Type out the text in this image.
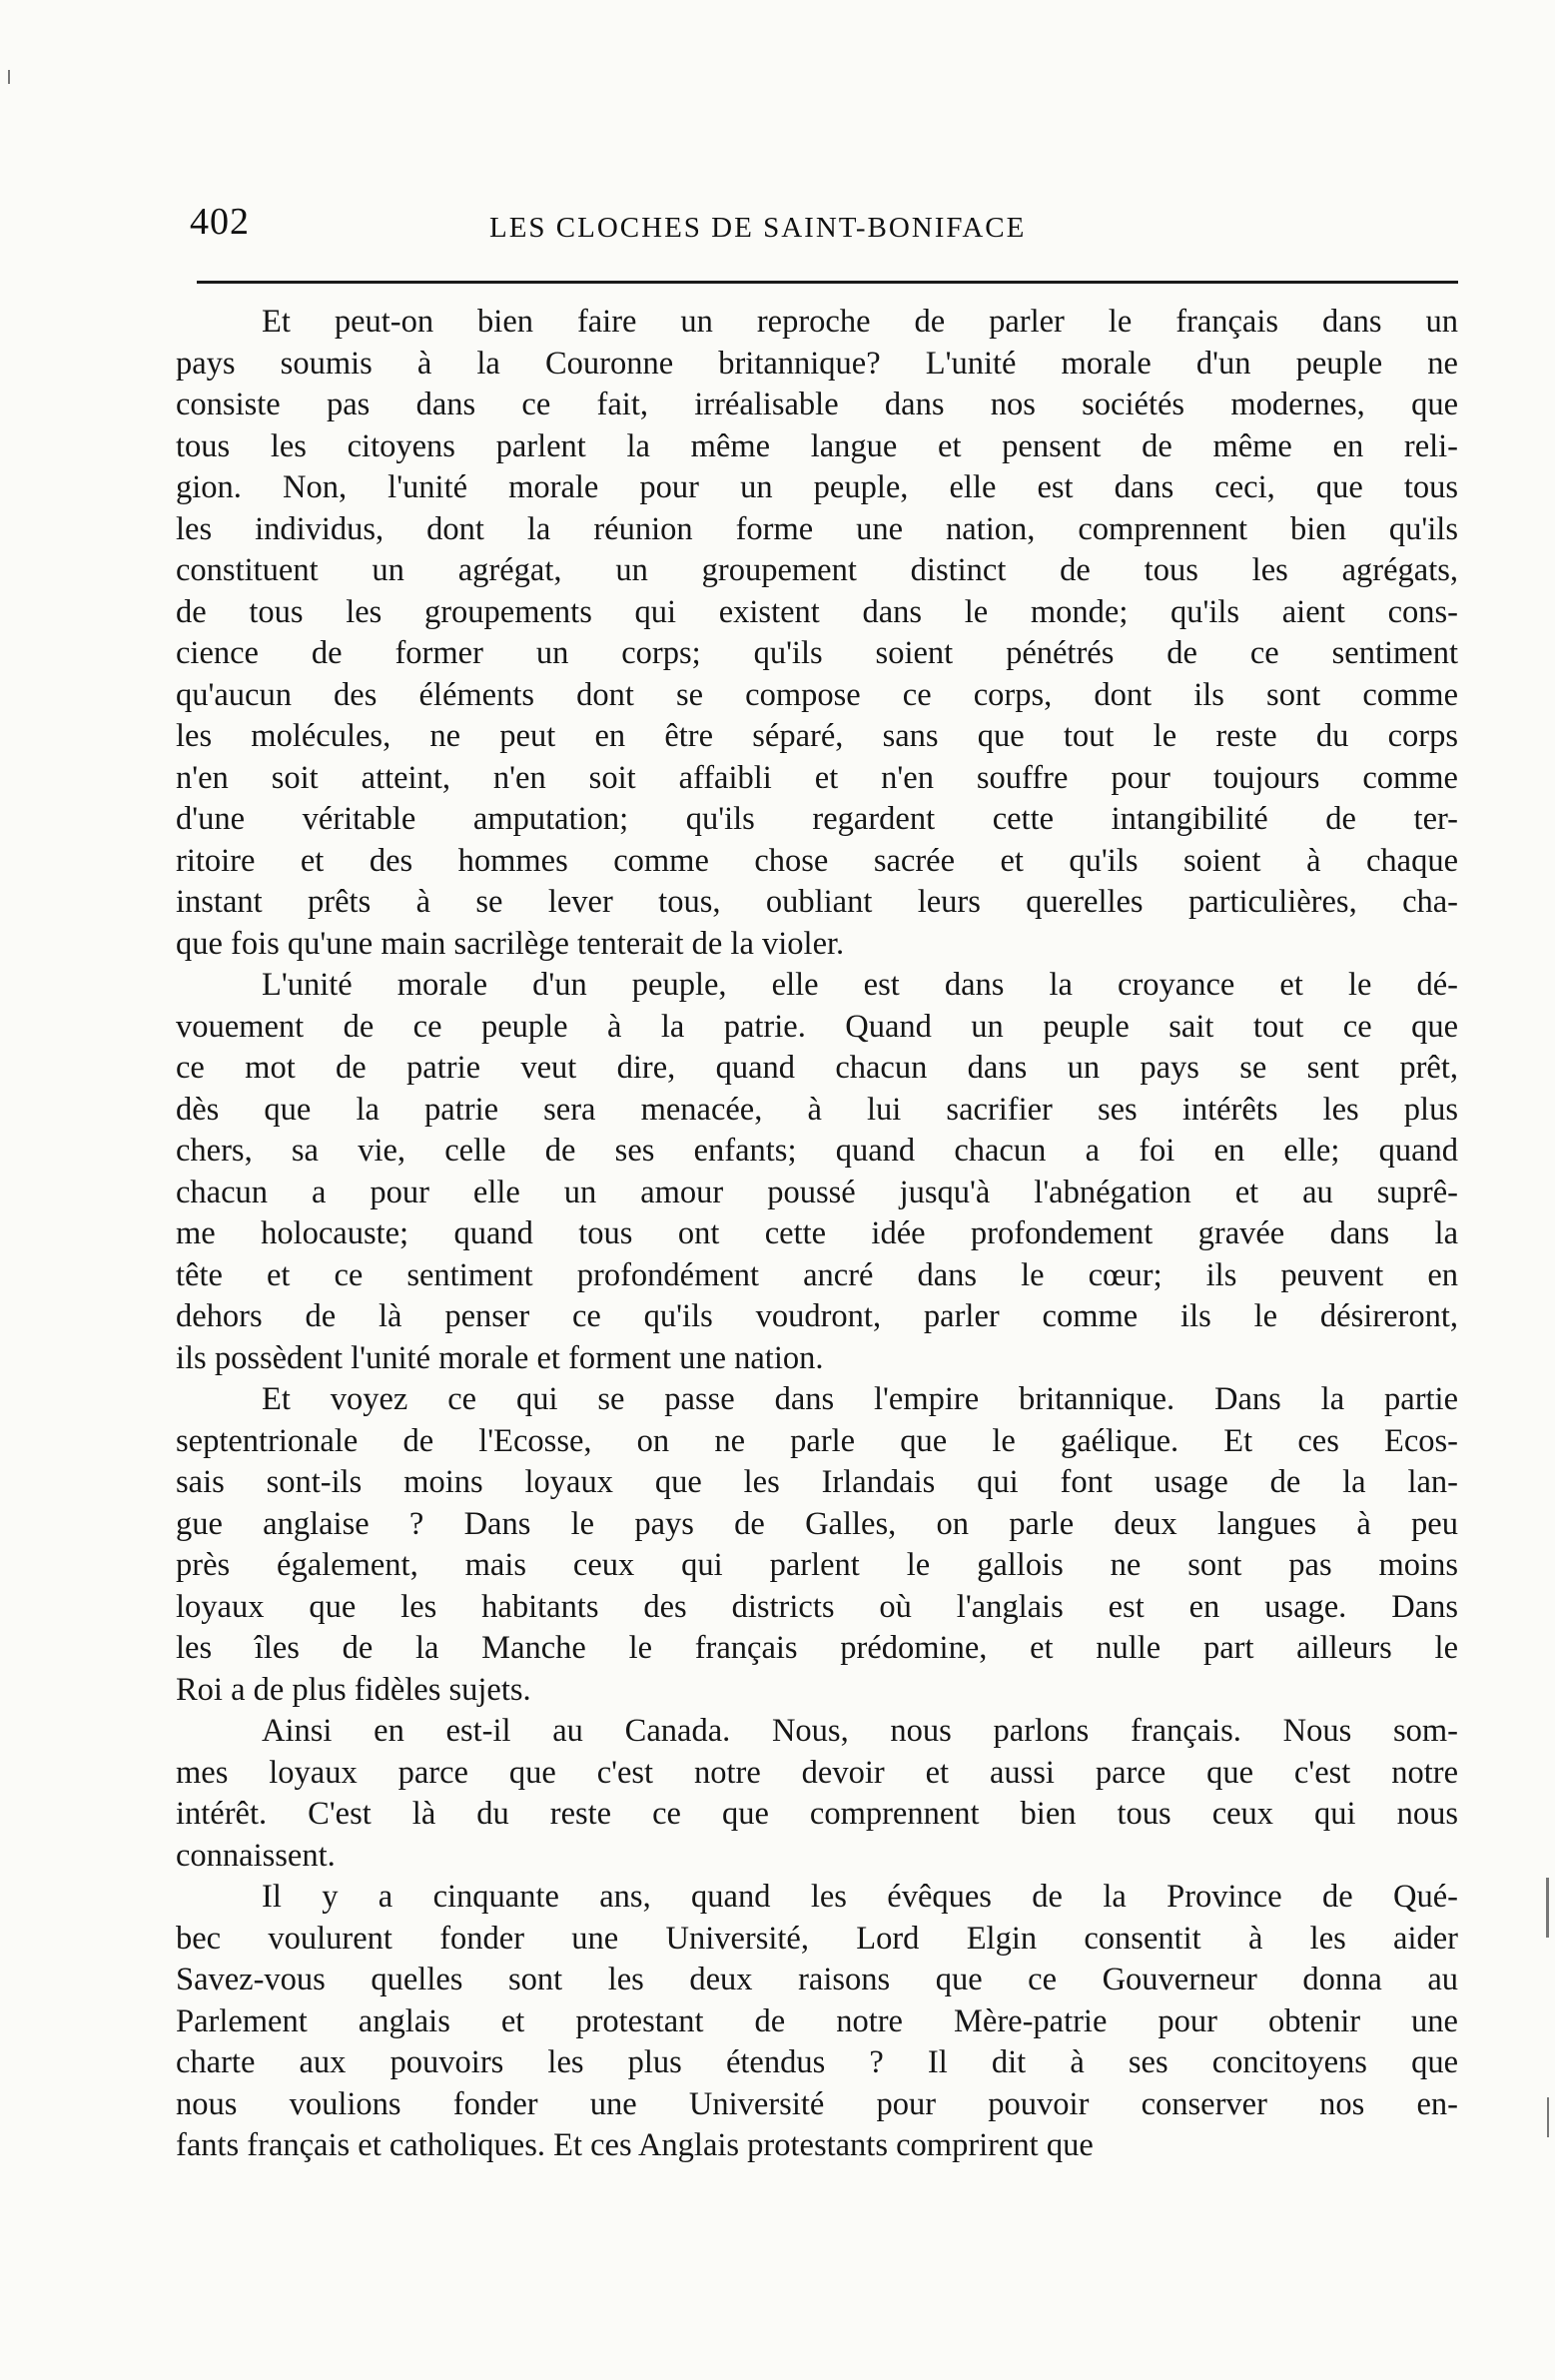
402	LES CLOCHES DE SAINT-BONIFACE
Et peut-on bien faire un reproche de parler le français dans un
pays soumis à la Couronne britannique? L'unité morale d'un peuple ne
consiste pas dans ce fait, irréalisable dans nos sociétés modernes, que
tous les citoyens parlent la même langue et pensent de même en reli-
gion. Non, l'unité morale pour un peuple, elle est dans ceci, que tous
les individus, dont la réunion forme une nation, comprennent bien qu'ils
constituent un agrégat, un groupement distinct de tous les agrégats,
de tous les groupements qui existent dans le monde; qu'ils aient cons-
cience de former un corps; qu'ils soient pénétrés de ce sentiment
qu'aucun des éléments dont se compose ce corps, dont ils sont comme
les molécules, ne peut en être séparé, sans que tout le reste du corps
n'en soit atteint, n'en soit affaibli et n'en souffre pour toujours comme
d'une véritable amputation; qu'ils regardent cette intangibilité de ter-
ritoire et des hommes comme chose sacrée et qu'ils soient à chaque
instant prêts à se lever tous, oubliant leurs querelles particulières, cha-
que fois qu'une main sacrilège tenterait de la violer.
L'unité morale d'un peuple, elle est dans la croyance et le dé-
vouement de ce peuple à la patrie. Quand un peuple sait tout ce que
ce mot de patrie veut dire, quand chacun dans un pays se sent prêt,
dès que la patrie sera menacée, à lui sacrifier ses intérêts les plus
chers, sa vie, celle de ses enfants; quand chacun a foi en elle; quand
chacun a pour elle un amour poussé jusqu'à l'abnégation et au suprê-
me holocauste; quand tous ont cette idée profondement gravée dans la
tête et ce sentiment profondément ancré dans le cœur; ils peuvent en
dehors de là penser ce qu'ils voudront, parler comme ils le désireront,
ils possèdent l'unité morale et forment une nation.
Et voyez ce qui se passe dans l'empire britannique. Dans la partie
septentrionale de l'Ecosse, on ne parle que le gaélique. Et ces Ecos-
sais sont-ils moins loyaux que les Irlandais qui font usage de la lan-
gue anglaise ? Dans le pays de Galles, on parle deux langues à peu
près également, mais ceux qui parlent le gallois ne sont pas moins
loyaux que les habitants des districts où l'anglais est en usage. Dans
les îles de la Manche le français prédomine, et nulle part ailleurs le
Roi a de plus fidèles sujets.
Ainsi en est-il au Canada. Nous, nous parlons français. Nous som-
mes loyaux parce que c'est notre devoir et aussi parce que c'est notre
intérêt. C'est là du reste ce que comprennent bien tous ceux qui nous
connaissent.
Il y a cinquante ans, quand les évêques de la Province de Qué-
bec voulurent fonder une Université, Lord Elgin consentit à les aider
Savez-vous quelles sont les deux raisons que ce Gouverneur donna au
Parlement anglais et protestant de notre Mère-patrie pour obtenir une
charte aux pouvoirs les plus étendus ? Il dit à ses concitoyens que
nous voulions fonder une Université pour pouvoir conserver nos en-
fants français et catholiques. Et ces Anglais protestants comprirent que
